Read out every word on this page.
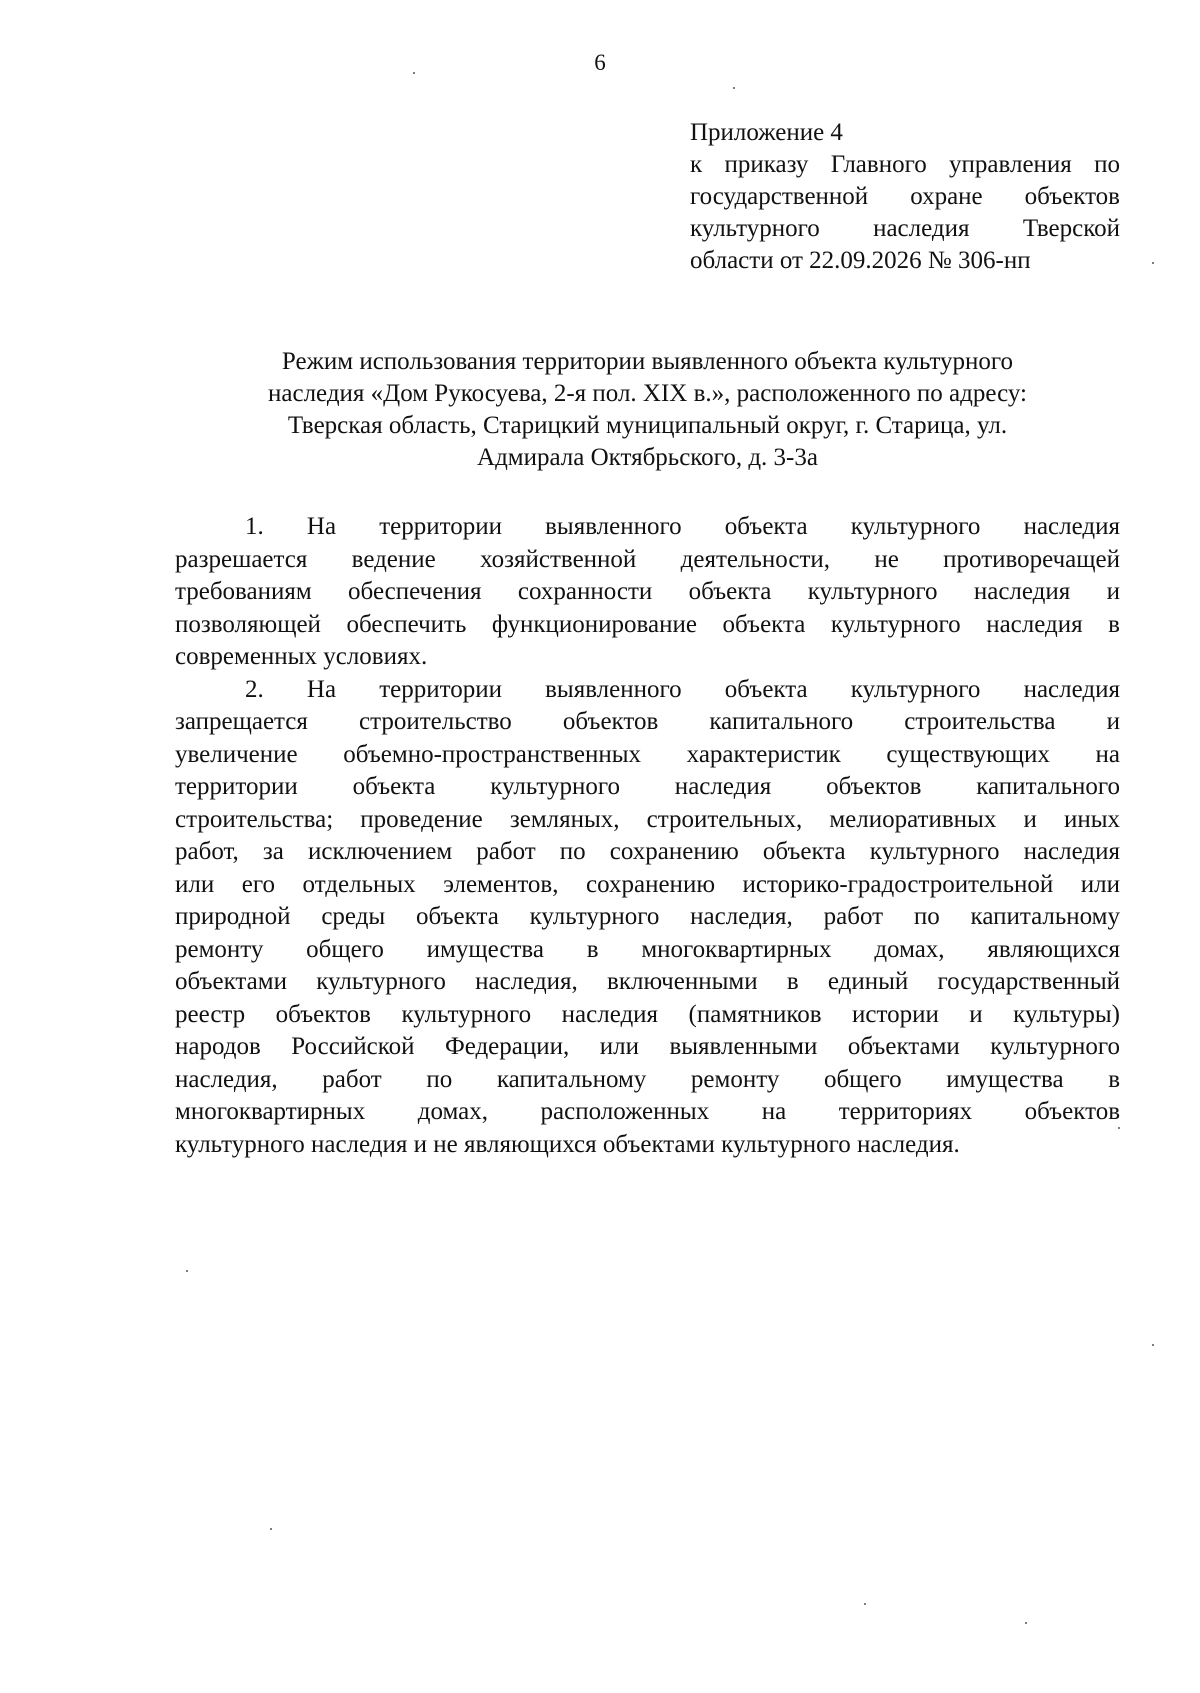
6
Приложение 4
к приказу Главного управления по
государственной охране объектов
культурного наследия Тверской
области от 22.09.2026 № 306-нп
Режим использования территории выявленного объекта культурного
наследия «Дом Рукосуева, 2-я пол. XIX в.», расположенного по адресу:
Тверская область, Старицкий муниципальный округ, г. Старица, ул.
Адмирала Октябрьского, д. 3-3а
1. На территории выявленного объекта культурного наследия
разрешается ведение хозяйственной деятельности, не противоречащей
требованиям обеспечения сохранности объекта культурного наследия и
позволяющей обеспечить функционирование объекта культурного наследия в
современных условиях.
2. На территории выявленного объекта культурного наследия
запрещается строительство объектов капитального строительства и
увеличение объемно-пространственных характеристик существующих на
территории объекта культурного наследия объектов капитального
строительства; проведение земляных, строительных, мелиоративных и иных
работ, за исключением работ по сохранению объекта культурного наследия
или его отдельных элементов, сохранению историко-градостроительной или
природной среды объекта культурного наследия, работ по капитальному
ремонту общего имущества в многоквартирных домах, являющихся
объектами культурного наследия, включенными в единый государственный
реестр объектов культурного наследия (памятников истории и культуры)
народов Российской Федерации, или выявленными объектами культурного
наследия, работ по капитальному ремонту общего имущества в
многоквартирных домах, расположенных на территориях объектов
культурного наследия и не являющихся объектами культурного наследия.
